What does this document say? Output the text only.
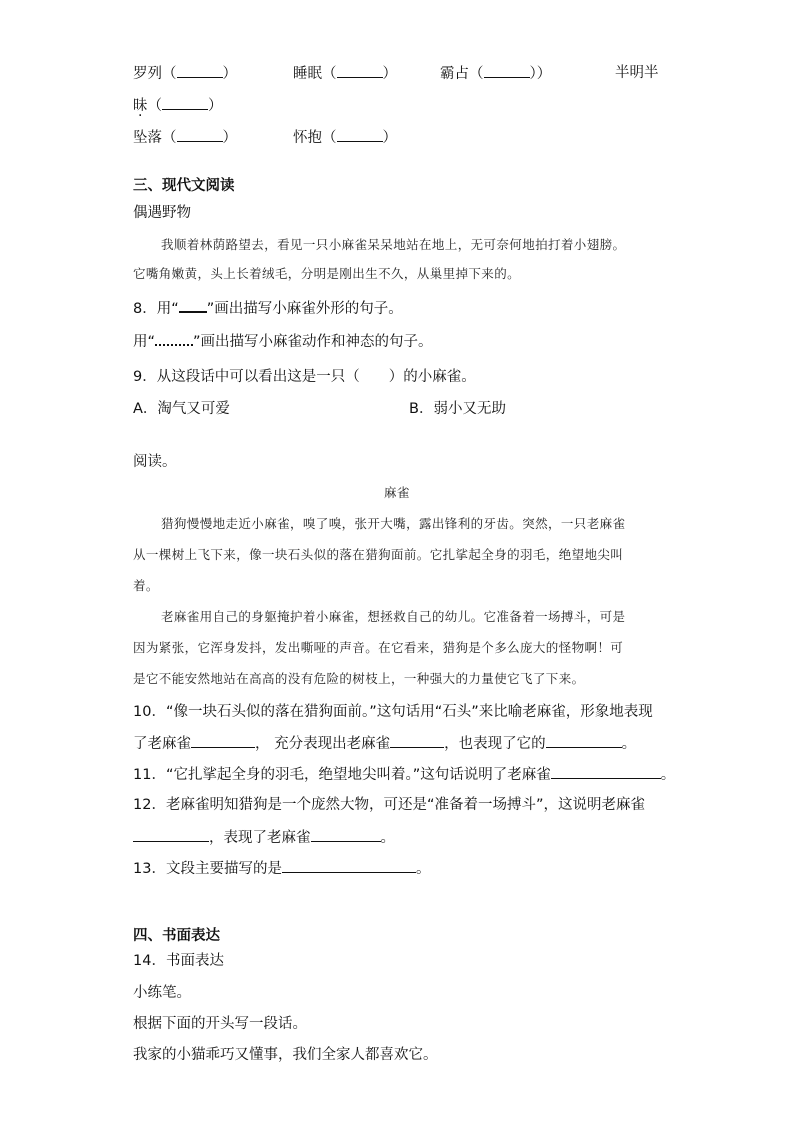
罗列（	）	睡眠（	）	霸占（	））	半明半
昧（	）
坠落（	）	怀抱（	）
三、现代文阅读
偶遇野物
我顺着林荫路望去，看见一只小麻雀呆呆地站在地上，无可奈何地拍打着小翅膀。
它嘴角嫩黄，头上长着绒毛，分明是刚出生不久，从巢里掉下来的。
8．用“ ”画出描写小麻雀外形的句子。
用“	”画出描写小麻雀动作和神态的句子。
9．从这段话中可以看出这是一只（　　）的小麻雀。
A．淘气又可爱	B．弱小又无助
阅读。
麻雀
猎狗慢慢地走近小麻雀，嗅了嗅，张开大嘴，露出锋利的牙齿。突然，一只老麻雀
从一棵树上飞下来，像一块石头似的落在猎狗面前。它扎挲起全身的羽毛，绝望地尖叫
着。
老麻雀用自己的身躯掩护着小麻雀，想拯救自己的幼儿。它准备着一场搏斗，可是
因为紧张，它浑身发抖，发出嘶哑的声音。在它看来，猎狗是个多么庞大的怪物啊！可
是它不能安然地站在高高的没有危险的树枝上，一种强大的力量使它飞了下来。
10．“像一块石头似的落在猎狗面前。”这句话用“石头”来比喻老麻雀，形象地表现
了老麻雀	， 充分表现出老麻雀	，也表现了它的	。
11．“它扎挲起全身的羽毛，绝望地尖叫着。”这句话说明了老麻雀	。
12．老麻雀明知猎狗是一个庞然大物，可还是“准备着一场搏斗”，这说明老麻雀
，表现了老麻雀	。
13．文段主要描写的是	。
四、书面表达
14．书面表达
小练笔。
根据下面的开头写一段话。
我家的小猫乖巧又懂事，我们全家人都喜欢它。
